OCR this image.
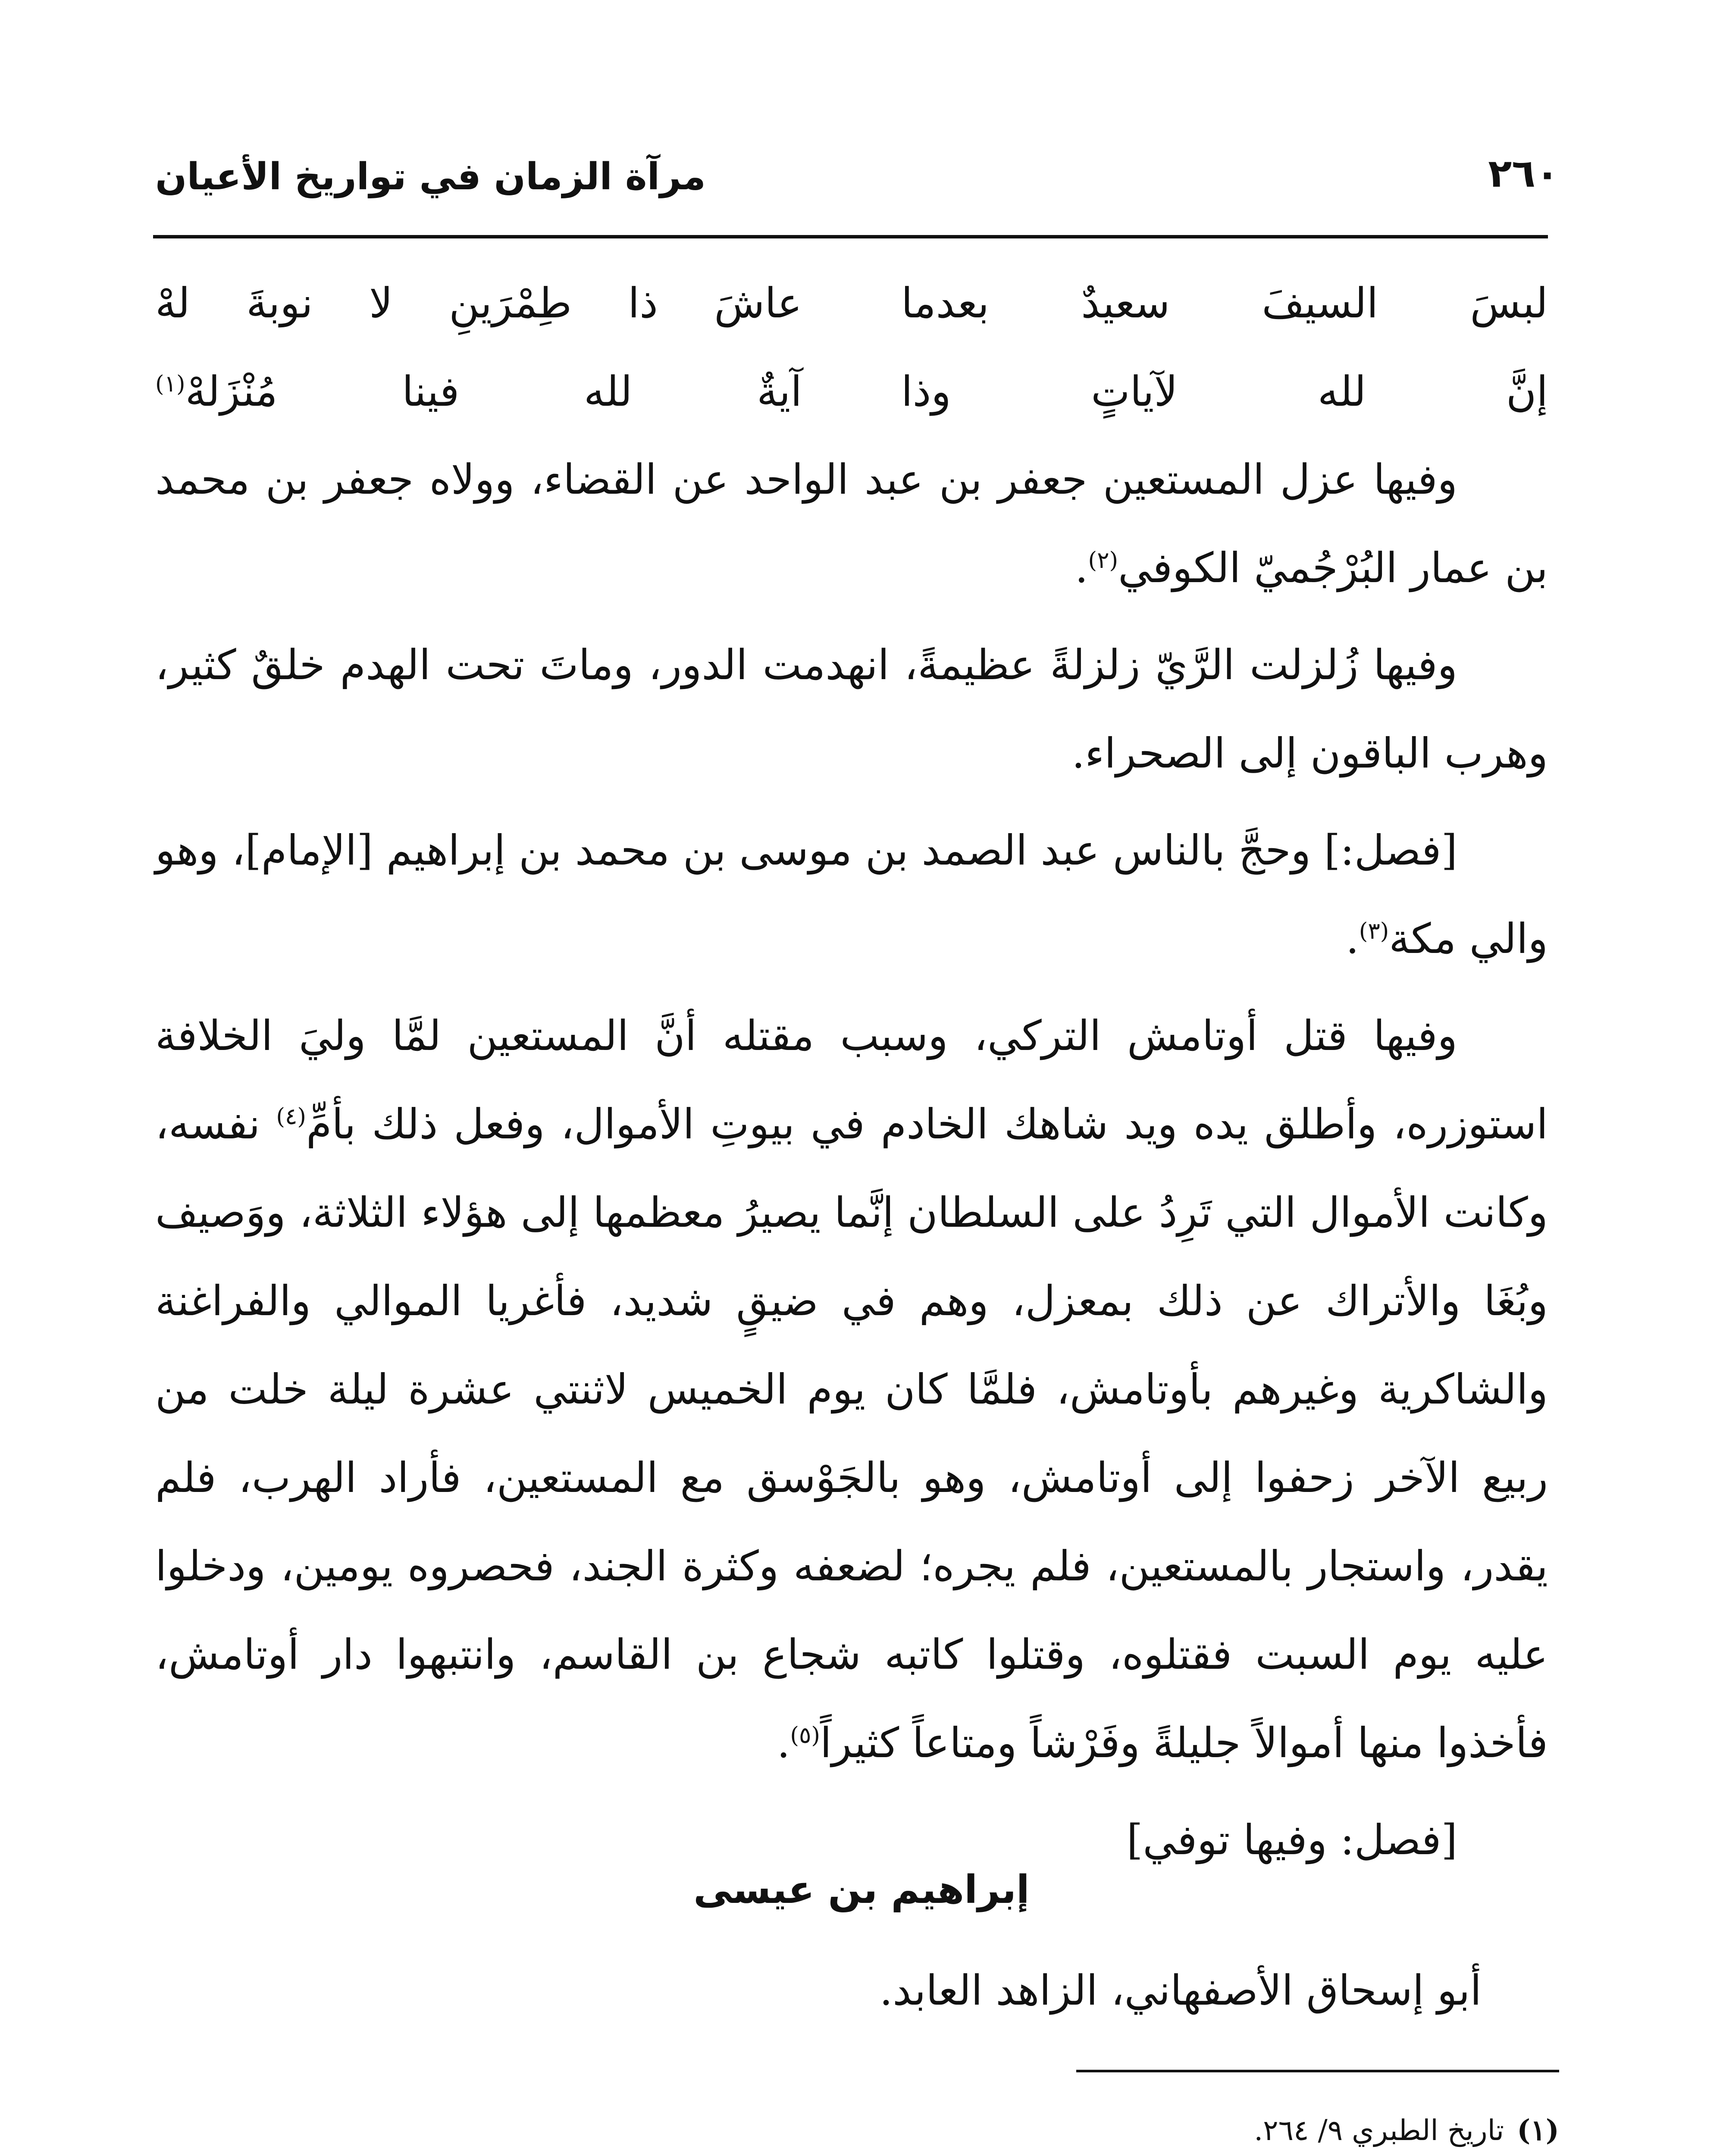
مرآة الزمان في تواريخ الأعيان	٢٦٠
لبسَ السيفَ سعيدٌ بعدما
عاشَ ذا طِمْرَينِ لا نوبةَ لهْ
إنَّ لله لآياتٍ وذا
آيةٌ لله فينا مُنْزَلهْ$^{(١)}$

وفيها عزل المستعين جعفر بن عبد الواحد عن القضاء، وولاه جعفر بن محمد بن عمار البُرْجُميّ الكوفي$^{(٢)}$.

وفيها زُلزلت الرَّيّ زلزلةً عظيمةً، انهدمت الدور، وماتَ تحت الهدم خلقٌ كثير، وهرب الباقون إلى الصحراء.

[فصل:] وحجَّ بالناس عبد الصمد بن موسى بن محمد بن إبراهيم [الإمام]، وهو والي مكة$^{(٣)}$.

وفيها قتل أوتامش التركي، وسبب مقتله أنَّ المستعين لمَّا وليَ الخلافة استوزره، وأطلق يده ويد شاهك الخادم في بيوتِ الأموال، وفعل ذلك بأمِّ$^{(٤)}$ نفسه، وكانت الأموال التي تَرِدُ على السلطان إنَّما يصيرُ معظمها إلى هؤلاء الثلاثة، ووَصيف وبُغَا والأتراك عن ذلك بمعزل، وهم في ضيقٍ شديد، فأغريا الموالي والفراغنة والشاكرية وغيرهم بأوتامش، فلمَّا كان يوم الخميس لاثنتي عشرة ليلة خلت من ربيع الآخر زحفوا إلى أوتامش، وهو بالجَوْسق مع المستعين، فأراد الهرب، فلم يقدر، واستجار بالمستعين، فلم يجره؛ لضعفه وكثرة الجند، فحصروه يومين، ودخلوا عليه يوم السبت فقتلوه، وقتلوا كاتبه شجاع بن القاسم، وانتبهوا دار أوتامش، فأخذوا منها أموالاً جليلةً وفَرْشاً ومتاعاً كثيراً$^{(٥)}$.

[فصل: وفيها توفي]

إبراهيم بن عيسى
أبو إسحاق الأصفهاني، الزاهد العابد.
(١)تاريخ الطبري ٩/ ٢٦٤.
